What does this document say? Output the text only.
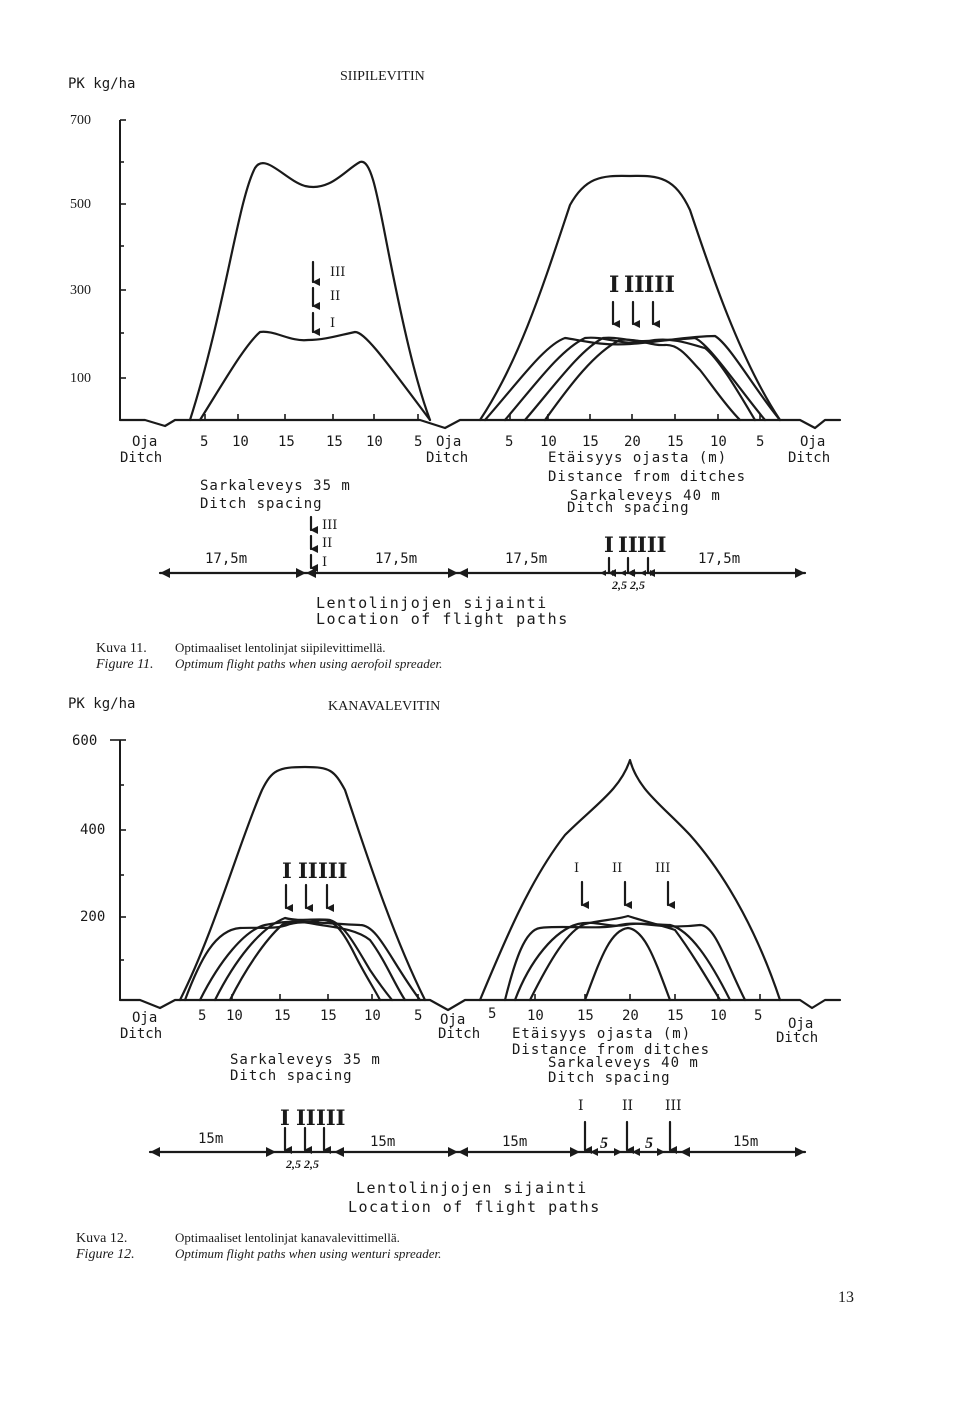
PK kg/ha	SIIPILEVITIN
700
500
300
100
III
II
I
I II III
Oja
Ditch
5 10 15 15 10 5 Oja
Ditch
5 10 15 20 15 10 5	Oja
Ditch
Etäisyys ojasta (m)
Distance from ditches
Sarkaleveys 35 m
Ditch spacing	Sarkaleveys 40 m
Ditch spacing
III
II
I
I II III
17,5m	17,5m	17,5m	17,5m
2,5 2,5
Lentolinjojen sijainti
Location of flight paths
Kuva 11. Optimaaliset lentolinjat siipilevittimellä.
Figure 11. Optimum flight paths when using aerofoil spreader.
PK kg/ha	KANAVALEVITIN
600
400
200
I II III	I	II	III
Oja
Ditch
5 10 15 15 10 5 Oja
Ditch
5 10 15 20 15 10 5 Oja
Ditch
Etäisyys ojasta (m)
Distance from ditches
Sarkaleveys 35 m
Ditch spacing
Sarkaleveys 40 m
Ditch spacing
I II III	I	II III
15m	15m	15m	15m
2,5 2,5
5 5
Lentolinjojen sijainti
Location of flight paths
Kuva 12.	Optimaaliset lentolinjat kanavalevittimellä.
Figure 12.	Optimum flight paths when using wenturi spreader.
13
